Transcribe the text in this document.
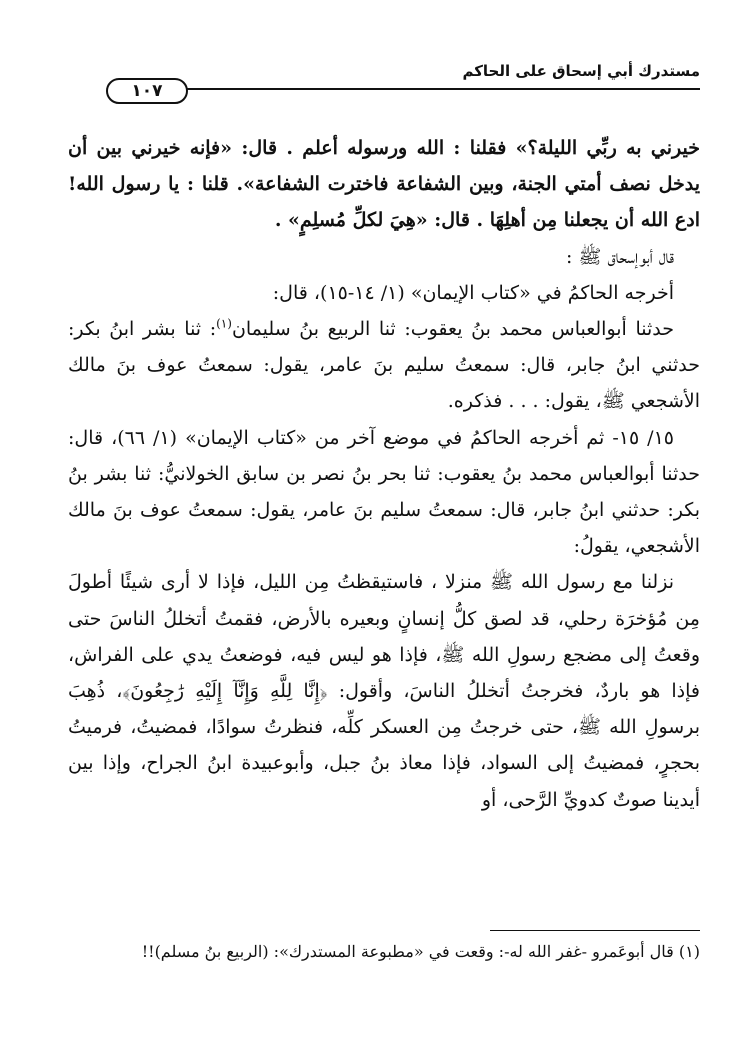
مستدرك أبي إسحاق على الحاكم
١٠٧

خيرني به ربِّي الليلة؟» فقلنا : الله ورسوله أعلم . قال: «فإنه خيرني بين أن يدخل نصف أمتي الجنة، وبين الشفاعة فاخترت الشفاعة». قلنا : يا رسول الله! ادع الله أن يجعلنا مِن أهلِهَا . قال: «هِيَ لكلِّ مُسلِمٍ» .

قال أبوإسحاق ﷺ :

أخرجه الحاكمُ في «كتاب الإيمان» (١/ ١٤-١٥)، قال:

حدثنا أبوالعباس محمد بنُ يعقوب: ثنا الربيع بنُ سليمان$^{(١)}$: ثنا بشر ابنُ بكر: حدثني ابنُ جابر، قال: سمعتُ سليم بنَ عامر، يقول: سمعتُ عوف بنَ مالك الأشجعي ﷺ، يقول: . . . فذكره.

١٥/ ١٥- ثم أخرجه الحاكمُ في موضع آخر من «كتاب الإيمان» (١/ ٦٦)، قال: حدثنا أبوالعباس محمد بنُ يعقوب: ثنا بحر بنُ نصر بن سابق الخولانيُّ: ثنا بشر بنُ بكر: حدثني ابنُ جابر، قال: سمعتُ سليم بنَ عامر، يقول: سمعتُ عوف بنَ مالك الأشجعي، يقولُ:

نزلنا مع رسول الله ﷺ منزلا ، فاستيقظتُ مِن الليل، فإذا لا أرى شيئًا أطولَ مِن مُؤخرَة رحلي، قد لصق كلُّ إنسانٍ وبعيره بالأرض، فقمتُ أتخللُ الناسَ حتى وقعتُ إلى مضجع رسولِ الله ﷺ، فإذا هو ليس فيه، فوضعتُ يدي على الفراش، فإذا هو باردٌ، فخرجتُ أتخللُ الناسَ، وأقول: ﴿إِنَّا لِلَّهِ وَإِنَّآ إِلَيْهِ رَٰجِعُونَ﴾، ذُهِبَ برسولِ الله ﷺ، حتى خرجتُ مِن العسكر كلِّه، فنظرتُ سوادًا، فمضيتُ، فرميتُ بحجرٍ، فمضيتُ إلى السواد، فإذا معاذ بنُ جبل، وأبوعبيدة ابنُ الجراح، وإذا بين أيدينا صوتٌ كدويِّ الرَّحى، أو

(١) قال أبوعَمرو -غفر الله له-: وقعت في «مطبوعة المستدرك»: (الربيع بنُ مسلم)!!
